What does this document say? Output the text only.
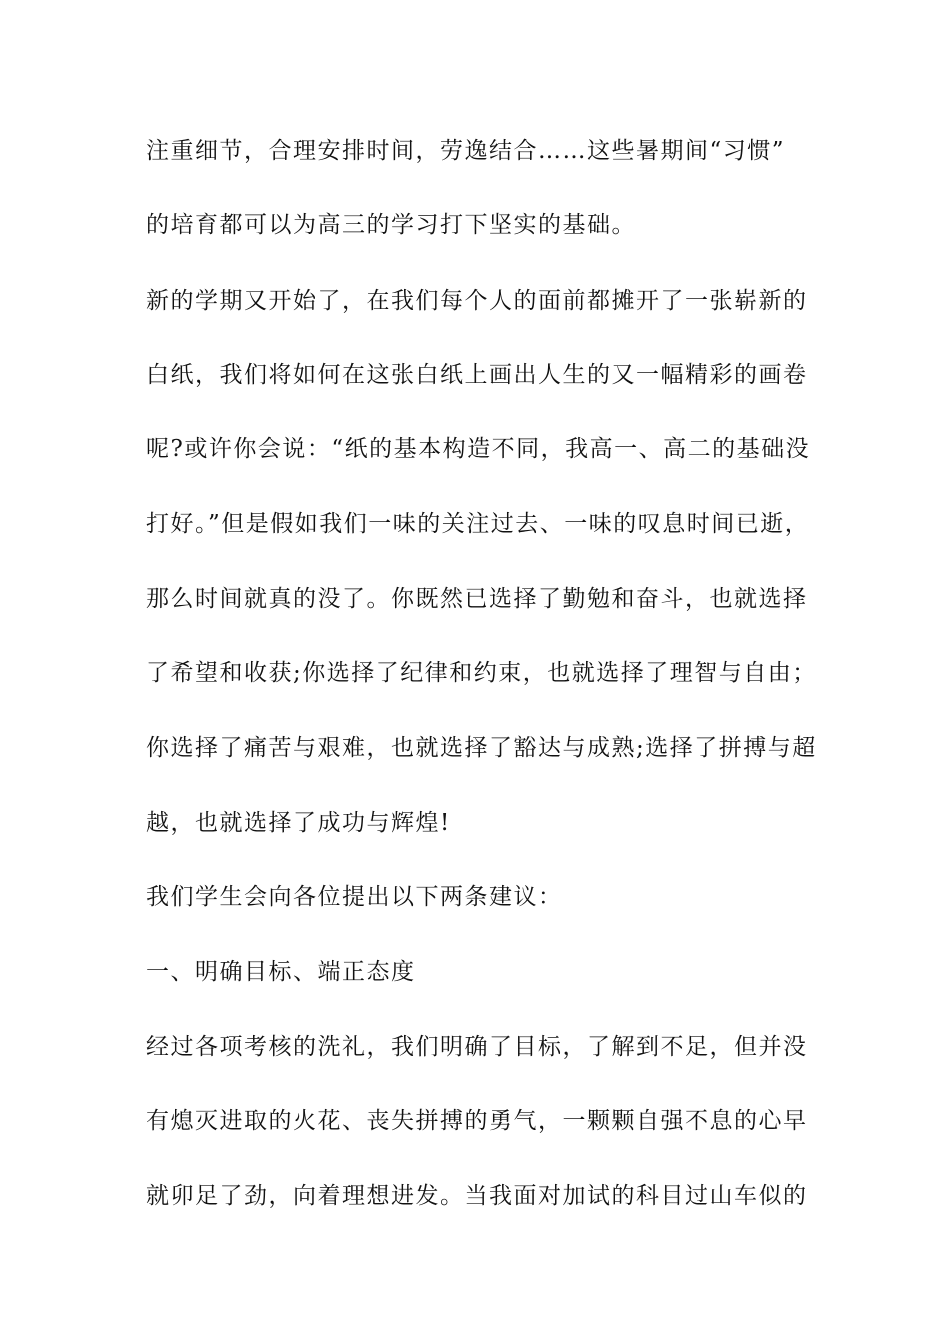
注重细节，合理安排时间，劳逸结合……这些暑期间“习惯”
的培育都可以为高三的学习打下坚实的基础。
新的学期又开始了，在我们每个人的面前都摊开了一张崭新的
白纸，我们将如何在这张白纸上画出人生的又一幅精彩的画卷
呢?或许你会说：“纸的基本构造不同，我高一、高二的基础没
打好。”但是假如我们一味的关注过去、一味的叹息时间已逝，
那么时间就真的没了。你既然已选择了勤勉和奋斗，也就选择
了希望和收获;你选择了纪律和约束，也就选择了理智与自由；
你选择了痛苦与艰难，也就选择了豁达与成熟;选择了拼搏与超
越，也就选择了成功与辉煌!
我们学生会向各位提出以下两条建议：
一、明确目标、端正态度
经过各项考核的洗礼，我们明确了目标，了解到不足，但并没
有熄灭进取的火花、丧失拼搏的勇气，一颗颗自强不息的心早
就卯足了劲，向着理想进发。当我面对加试的科目过山车似的
